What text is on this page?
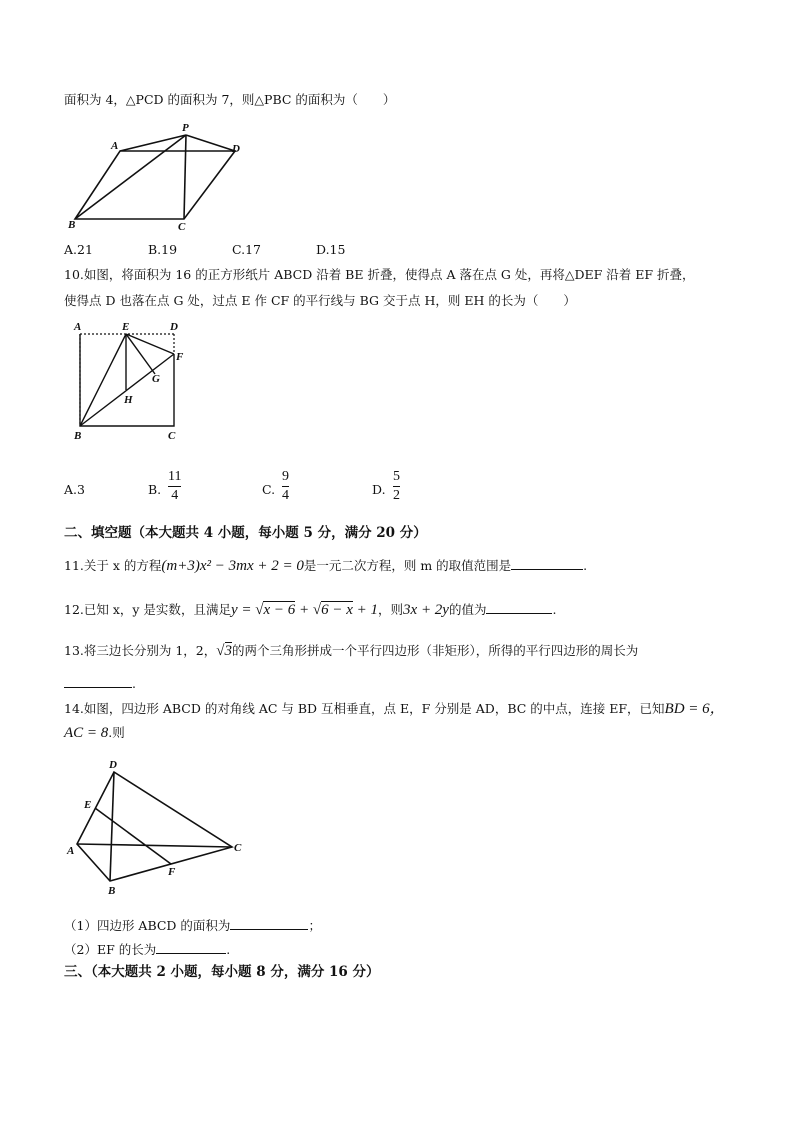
面积为 4，△PCD 的面积为 7，则△PBC 的面积为（　　）
A
P
D
B	C
A.21	B.19	C.17	D.15
10.如图，将面积为 16 的正方形纸片 ABCD 沿着 BE 折叠，使得点 A 落在点 G 处，再将△DEF 沿着 EF 折叠，
使得点 D 也落在点 G 处，过点 E 作 CF 的平行线与 BG 交于点 H，则 EH 的长为（　　）
A	E	D
F
G
H
B	C
A.3	B.
11
4	C.
9
4	D.
5
2
二、填空题（本大题共 4 小题，每小题 5 分，满分 20 分）
11.关于 x 的方程(m+3)x² − 3mx + 2 = 0是一元二次方程，则 m 的取值范围是	.
12.已知 x，y 是实数，且满足y = √x − 6 + √6 − x + 1，则3x + 2y的值为	.
13.将三边长分别为 1，2，√3的两个三角形拼成一个平行四边形（非矩形），所得的平行四边形的周长为
.
14.如图，四边形 ABCD 的对角线 AC 与 BD 互相垂直，点 E，F 分别是 AD，BC 的中点，连接 EF，已知BD = 6，
AC = 8.则
D
E
A	C
F
B
（1）四边形 ABCD 的面积为	；
（2）EF 的长为	.
三、（本大题共 2 小题，每小题 8 分，满分 16 分）
